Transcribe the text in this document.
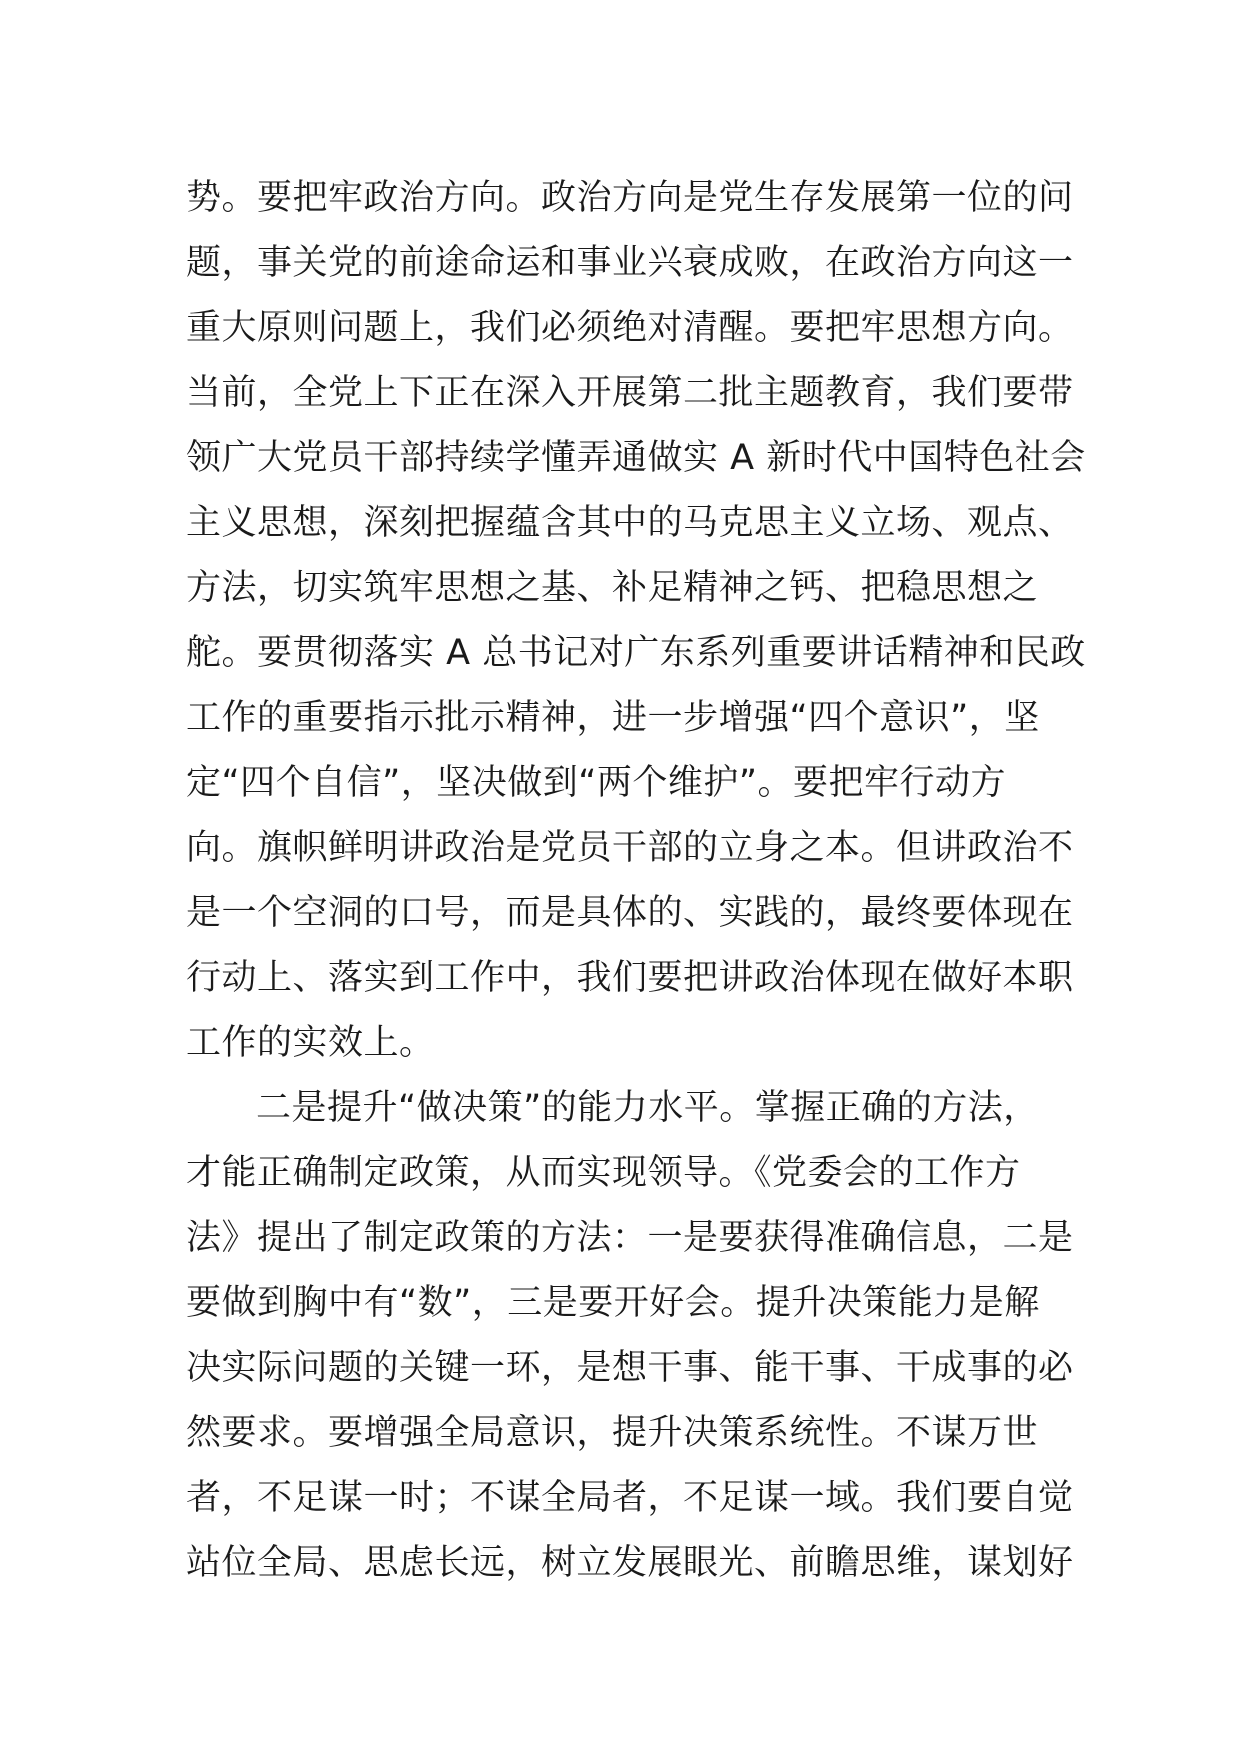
势。要把牢政治方向。政治方向是党生存发展第一位的问
题，事关党的前途命运和事业兴衰成败，在政治方向这一
重大原则问题上，我们必须绝对清醒。要把牢思想方向。
当前，全党上下正在深入开展第二批主题教育，我们要带
领广大党员干部持续学懂弄通做实 A 新时代中国特色社会
主义思想，深刻把握蕴含其中的马克思主义立场、观点、
方法，切实筑牢思想之基、补足精神之钙、把稳思想之
舵。要贯彻落实 A 总书记对广东系列重要讲话精神和民政
工作的重要指示批示精神，进一步增强“四个意识”，坚
定“四个自信”，坚决做到“两个维护”。要把牢行动方
向。旗帜鲜明讲政治是党员干部的立身之本。但讲政治不
是一个空洞的口号，而是具体的、实践的，最终要体现在
行动上、落实到工作中，我们要把讲政治体现在做好本职
工作的实效上。
二是提升“做决策”的能力水平。掌握正确的方法，
才能正确制定政策，从而实现领导。《党委会的工作方
法》提出了制定政策的方法：一是要获得准确信息，二是
要做到胸中有“数”，三是要开好会。提升决策能力是解
决实际问题的关键一环，是想干事、能干事、干成事的必
然要求。要增强全局意识，提升决策系统性。不谋万世
者，不足谋一时；不谋全局者，不足谋一域。我们要自觉
站位全局、思虑长远，树立发展眼光、前瞻思维，谋划好
